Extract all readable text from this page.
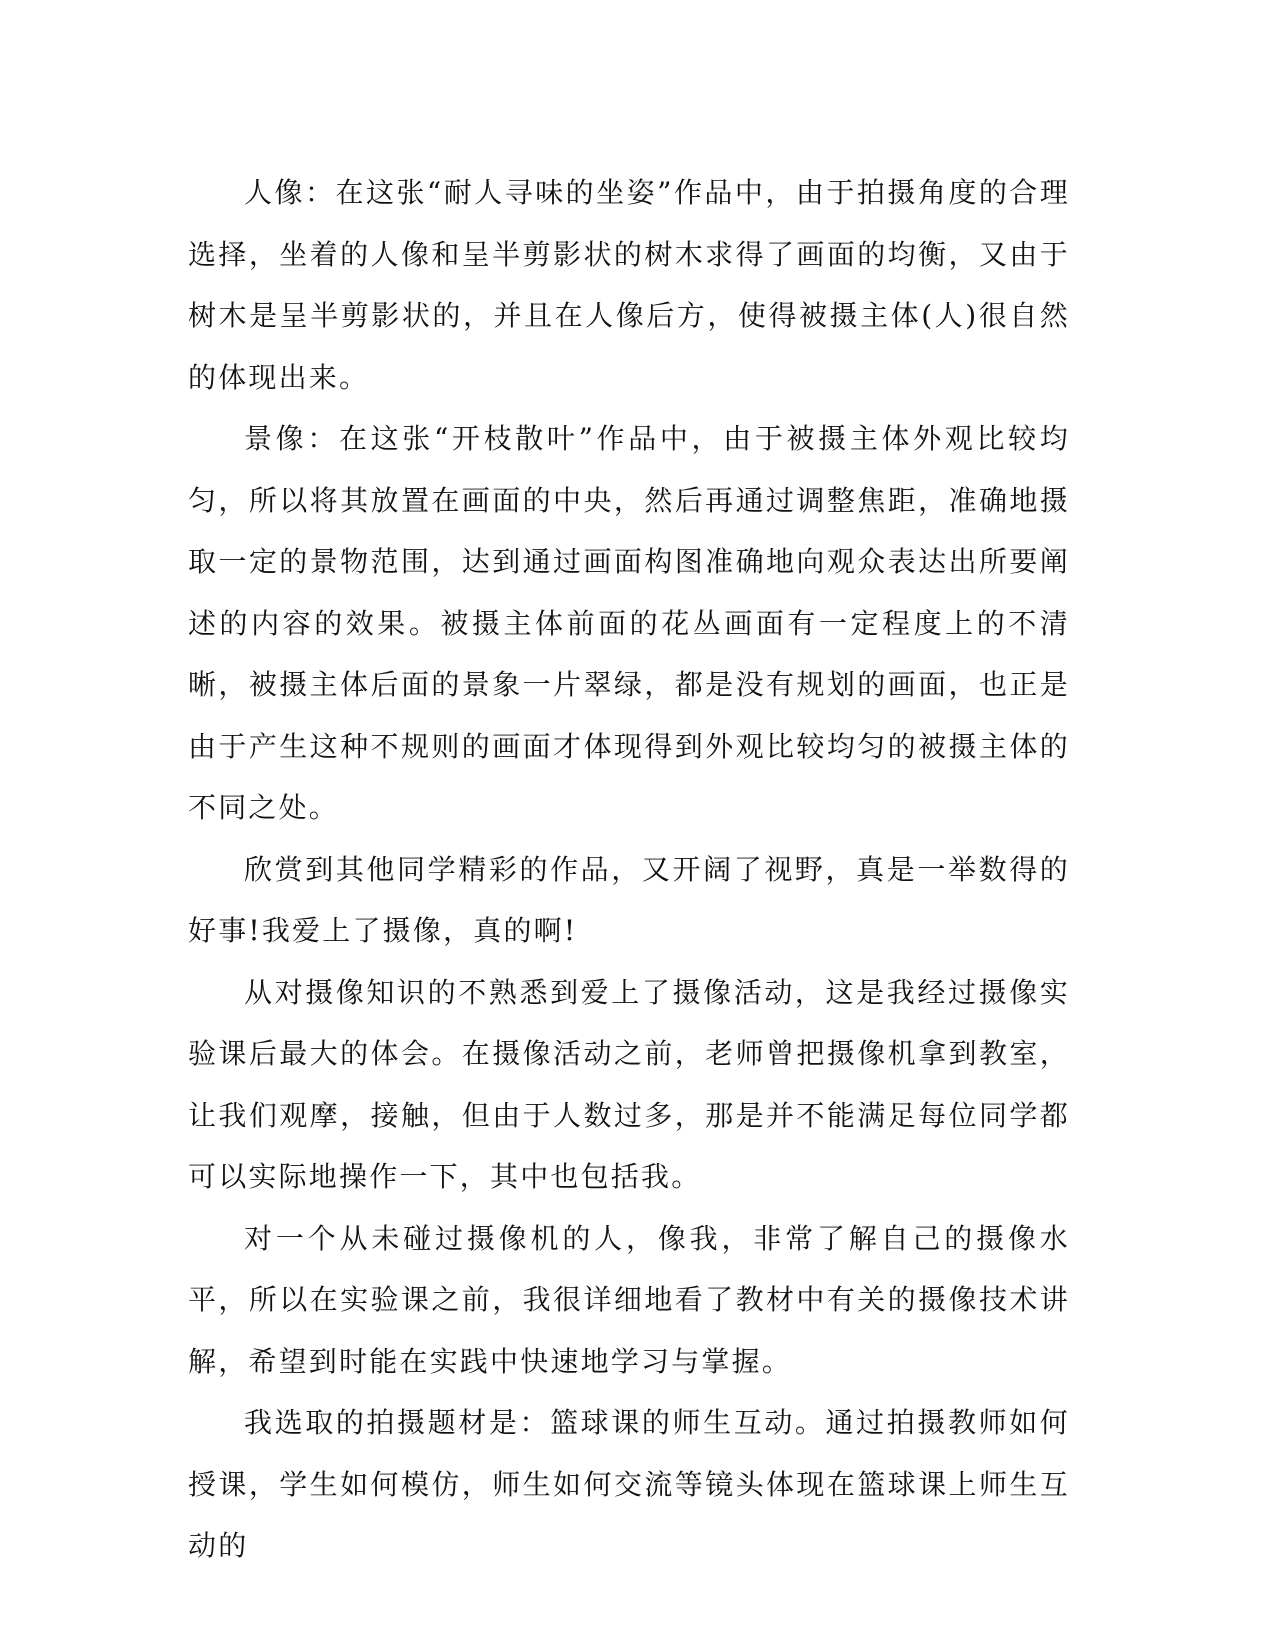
人像：在这张“耐人寻味的坐姿”作品中，由于拍摄角度的合理选择，坐着的人像和呈半剪影状的树木求得了画面的均衡，又由于树木是呈半剪影状的，并且在人像后方，使得被摄主体(人)很自然的体现出来。

景像：在这张“开枝散叶”作品中，由于被摄主体外观比较均匀，所以将其放置在画面的中央，然后再通过调整焦距，准确地摄取一定的景物范围，达到通过画面构图准确地向观众表达出所要阐述的内容的效果。被摄主体前面的花丛画面有一定程度上的不清晰，被摄主体后面的景象一片翠绿，都是没有规划的画面，也正是由于产生这种不规则的画面才体现得到外观比较均匀的被摄主体的不同之处。

欣赏到其他同学精彩的作品，又开阔了视野，真是一举数得的好事!我爱上了摄像，真的啊!

从对摄像知识的不熟悉到爱上了摄像活动，这是我经过摄像实验课后最大的体会。在摄像活动之前，老师曾把摄像机拿到教室，让我们观摩，接触，但由于人数过多，那是并不能满足每位同学都可以实际地操作一下，其中也包括我。

对一个从未碰过摄像机的人，像我，非常了解自己的摄像水平，所以在实验课之前，我很详细地看了教材中有关的摄像技术讲解，希望到时能在实践中快速地学习与掌握。

我选取的拍摄题材是：篮球课的师生互动。通过拍摄教师如何授课，学生如何模仿，师生如何交流等镜头体现在篮球课上师生互动的
